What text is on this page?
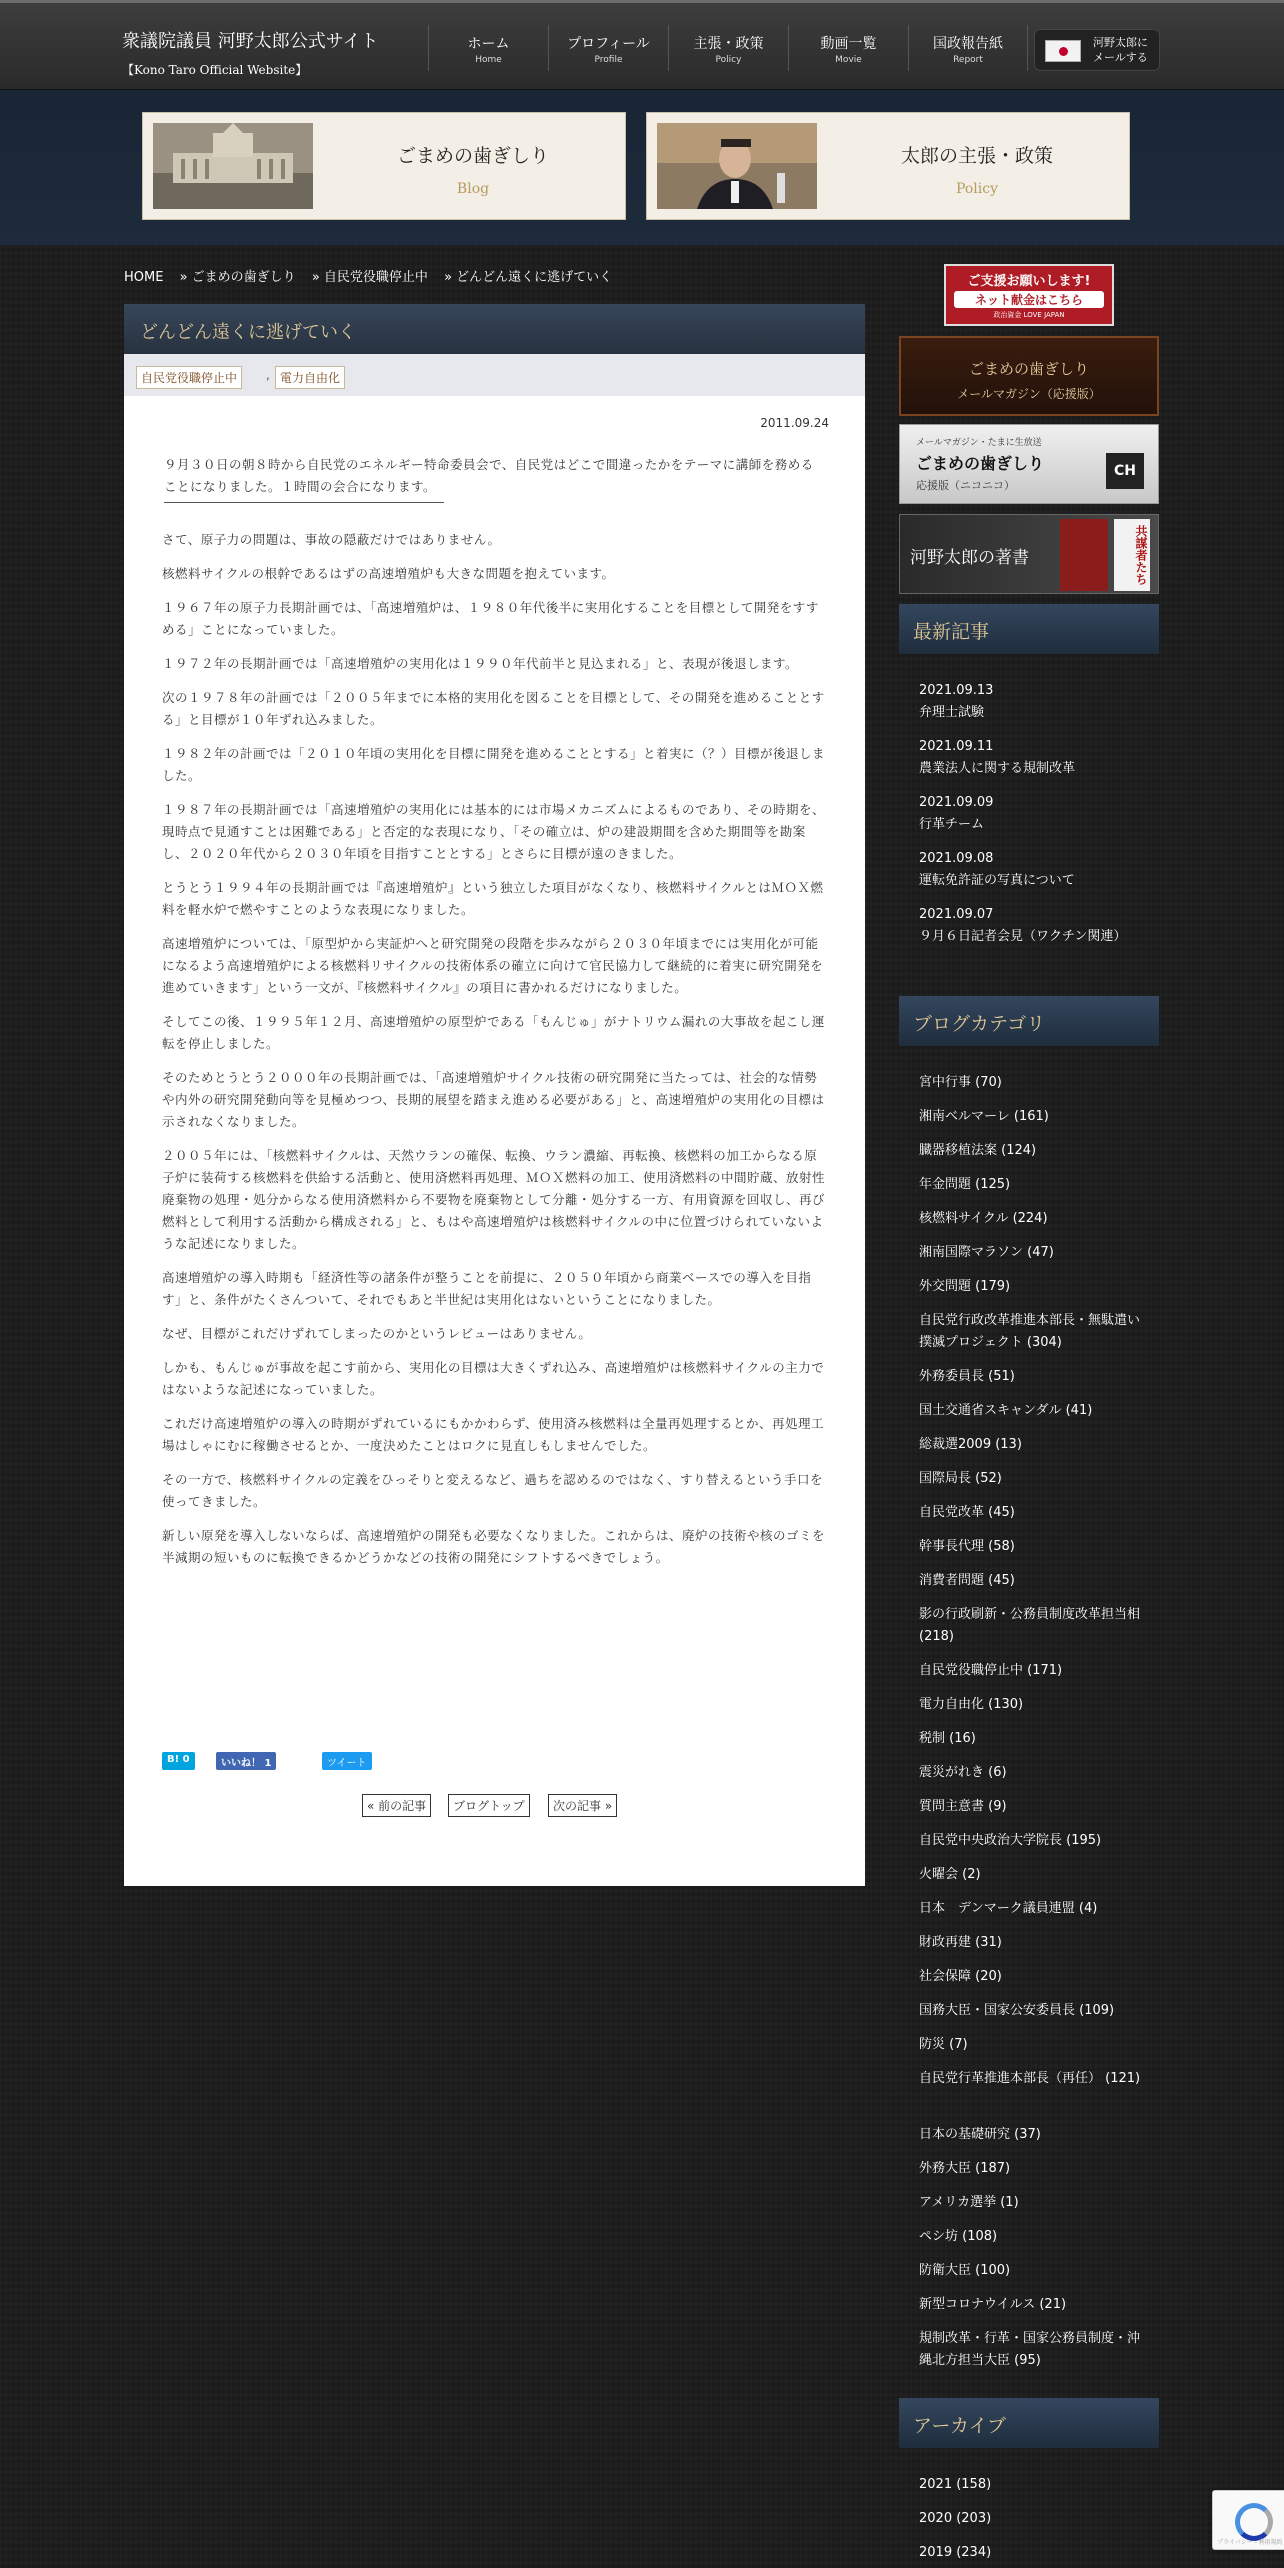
衆議院議員 河野太郎公式サイト
【Kono Taro Official Website】
ホーム
Home
プロフィール
Profile
主張・政策
Policy
動画一覧
Movie
国政報告紙
Report
河野太郎に メールする
ごまめの歯ぎしり
Blog
太郎の主張・政策
Policy
HOME » ごまめの歯ぎしり » 自民党役職停止中 » どんどん遠くに逃げていく
どんどん遠くに逃げていく
自民党役職停止中	, 電力自由化
2011.09.24

９月３０日の朝８時から自民党のエネルギー特命委員会で、自民党はどこで間違ったかをテーマに講師を務めることになりました。１時間の会合になります。

さて、原子力の問題は、事故の隠蔽だけではありません。

核燃料サイクルの根幹であるはずの高速増殖炉も大きな問題を抱えています。

１９６７年の原子力長期計画では、「高速増殖炉は、１９８０年代後半に実用化することを目標として開発をすすめる」ことになっていました。

１９７２年の長期計画では「高速増殖炉の実用化は１９９０年代前半と見込まれる」と、表現が後退します。

次の１９７８年の計画では「２００５年までに本格的実用化を図ることを目標として、その開発を進めることとする」と目標が１０年ずれ込みました。

１９８２年の計画では「２０１０年頃の実用化を目標に開発を進めることとする」と着実に（？）目標が後退しました。

１９８７年の長期計画では「高速増殖炉の実用化には基本的には市場メカニズムによるものであり、その時期を、現時点で見通すことは困難である」と否定的な表現になり、「その確立は、炉の建設期間を含めた期間等を勘案し、２０２０年代から２０３０年頃を目指すこととする」とさらに目標が遠のきました。

とうとう１９９４年の長期計画では『高速増殖炉』という独立した項目がなくなり、核燃料サイクルとはＭＯＸ燃料を軽水炉で燃やすことのような表現になりました。

高速増殖炉については、「原型炉から実証炉へと研究開発の段階を歩みながら２０３０年頃までには実用化が可能になるよう高速増殖炉による核燃料リサイクルの技術体系の確立に向けて官民協力して継続的に着実に研究開発を進めていきます」という一文が、『核燃料サイクル』の項目に書かれるだけになりました。

そしてこの後、１９９５年１２月、高速増殖炉の原型炉である「もんじゅ」がナトリウム漏れの大事故を起こし運転を停止しました。

そのためとうとう２０００年の長期計画では、「高速増殖炉サイクル技術の研究開発に当たっては、社会的な情勢や内外の研究開発動向等を見極めつつ、長期的展望を踏まえ進める必要がある」と、高速増殖炉の実用化の目標は示されなくなりました。

２００５年には、「核燃料サイクルは、天然ウランの確保、転換、ウラン濃縮、再転換、核燃料の加工からなる原子炉に装荷する核燃料を供給する活動と、使用済燃料再処理、ＭＯＸ燃料の加工、使用済燃料の中間貯蔵、放射性廃棄物の処理・処分からなる使用済燃料から不要物を廃棄物として分離・処分する一方、有用資源を回収し、再び燃料として利用する活動から構成される」と、もはや高速増殖炉は核燃料サイクルの中に位置づけられていないような記述になりました。

高速増殖炉の導入時期も「経済性等の諸条件が整うことを前提に、２０５０年頃から商業ベースでの導入を目指す」と、条件がたくさんついて、それでもあと半世紀は実用化はないということになりました。

なぜ、目標がこれだけずれてしまったのかというレビューはありません。

しかも、もんじゅが事故を起こす前から、実用化の目標は大きくずれ込み、高速増殖炉は核燃料サイクルの主力ではないような記述になっていました。

これだけ高速増殖炉の導入の時期がずれているにもかかわらず、使用済み核燃料は全量再処理するとか、再処理工場はしゃにむに稼働させるとか、一度決めたことはロクに見直しもしませんでした。

その一方で、核燃料サイクルの定義をひっそりと変えるなど、過ちを認めるのではなく、すり替えるという手口を使ってきました。

新しい原発を導入しないならば、高速増殖炉の開発も必要なくなりました。これからは、廃炉の技術や核のゴミを半減期の短いものに転換できるかどうかなどの技術の開発にシフトするべきでしょう。

B! 0	いいね！ 1	ツイート
« 前の記事	ブログトップ	次の記事 »
ご支援お願いします!
ネット献金はこちら
政治資金 LOVE JAPAN
ごまめの歯ぎしり
メールマガジン（応援版）
メールマガジン・たまに生放送
ごまめの歯ぎしり
応援版（ニコニコ）
CH
河野太郎の著書	共謀者たち
最新記事
2021.09.13
弁理士試験
2021.09.11
農業法人に関する規制改革
2021.09.09
行革チーム
2021.09.08
運転免許証の写真について
2021.09.07
９月６日記者会見（ワクチン関連）
ブログカテゴリ
宮中行事 (70)
湘南ベルマーレ (161)
臓器移植法案 (124)
年金問題 (125)
核燃料サイクル (224)
湘南国際マラソン (47)
外交問題 (179)
自民党行政改革推進本部長・無駄遣い撲滅プロジェクト (304)
外務委員長 (51)
国土交通省スキャンダル (41)
総裁選2009 (13)
国際局長 (52)
自民党改革 (45)
幹事長代理 (58)
消費者問題 (45)
影の行政刷新・公務員制度改革担当相 (218)
自民党役職停止中 (171)
電力自由化 (130)
税制 (16)
震災がれき (6)
質問主意書 (9)
自民党中央政治大学院長 (195)
火曜会 (2)
日本　デンマーク議員連盟 (4)
財政再建 (31)
社会保障 (20)
国務大臣・国家公安委員長 (109)
防災 (7)
自民党行革推進本部長（再任） (121)
日本の基礎研究 (37)
外務大臣 (187)
アメリカ選挙 (1)
ペシ坊 (108)
防衛大臣 (100)
新型コロナウイルス (21)
規制改革・行革・国家公務員制度・沖縄北方担当大臣 (95)
アーカイブ
2021 (158)
2020 (203)
2019 (234)
プライバシー - 利用規約
